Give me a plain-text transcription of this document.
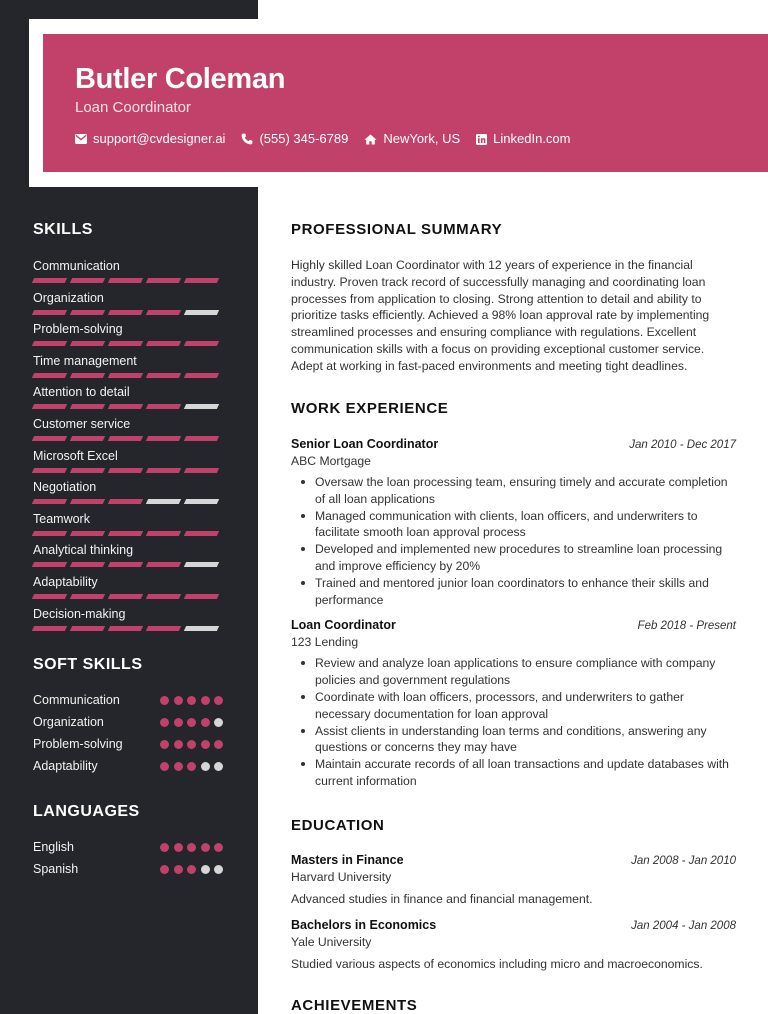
Butler Coleman
Loan Coordinator
support@cvdesigner.ai	(555) 345-6789	NewYork, US	LinkedIn.com
SKILLS
Communication
Organization
Problem-solving
Time management
Attention to detail
Customer service
Microsoft Excel
Negotiation
Teamwork
Analytical thinking
Adaptability
Decision-making
SOFT SKILLS
Communication
Organization
Problem-solving
Adaptability
LANGUAGES
English
Spanish
PROFESSIONAL SUMMARY
Highly skilled Loan Coordinator with 12 years of experience in the financial industry. Proven track record of successfully managing and coordinating loan processes from application to closing. Strong attention to detail and ability to prioritize tasks efficiently. Achieved a 98% loan approval rate by implementing streamlined processes and ensuring compliance with regulations. Excellent communication skills with a focus on providing exceptional customer service. Adept at working in fast-paced environments and meeting tight deadlines.
WORK EXPERIENCE
Senior Loan Coordinator	Jan 2010 - Dec 2017
ABC Mortgage
Oversaw the loan processing team, ensuring timely and accurate completion of all loan applications
Managed communication with clients, loan officers, and underwriters to facilitate smooth loan approval process
Developed and implemented new procedures to streamline loan processing and improve efficiency by 20%
Trained and mentored junior loan coordinators to enhance their skills and performance
Loan Coordinator	Feb 2018 - Present
123 Lending
Review and analyze loan applications to ensure compliance with company policies and government regulations
Coordinate with loan officers, processors, and underwriters to gather necessary documentation for loan approval
Assist clients in understanding loan terms and conditions, answering any questions or concerns they may have
Maintain accurate records of all loan transactions and update databases with current information
EDUCATION
Masters in Finance	Jan 2008 - Jan 2010
Harvard University
Advanced studies in finance and financial management.
Bachelors in Economics	Jan 2004 - Jan 2008
Yale University
Studied various aspects of economics including micro and macroeconomics.
ACHIEVEMENTS
